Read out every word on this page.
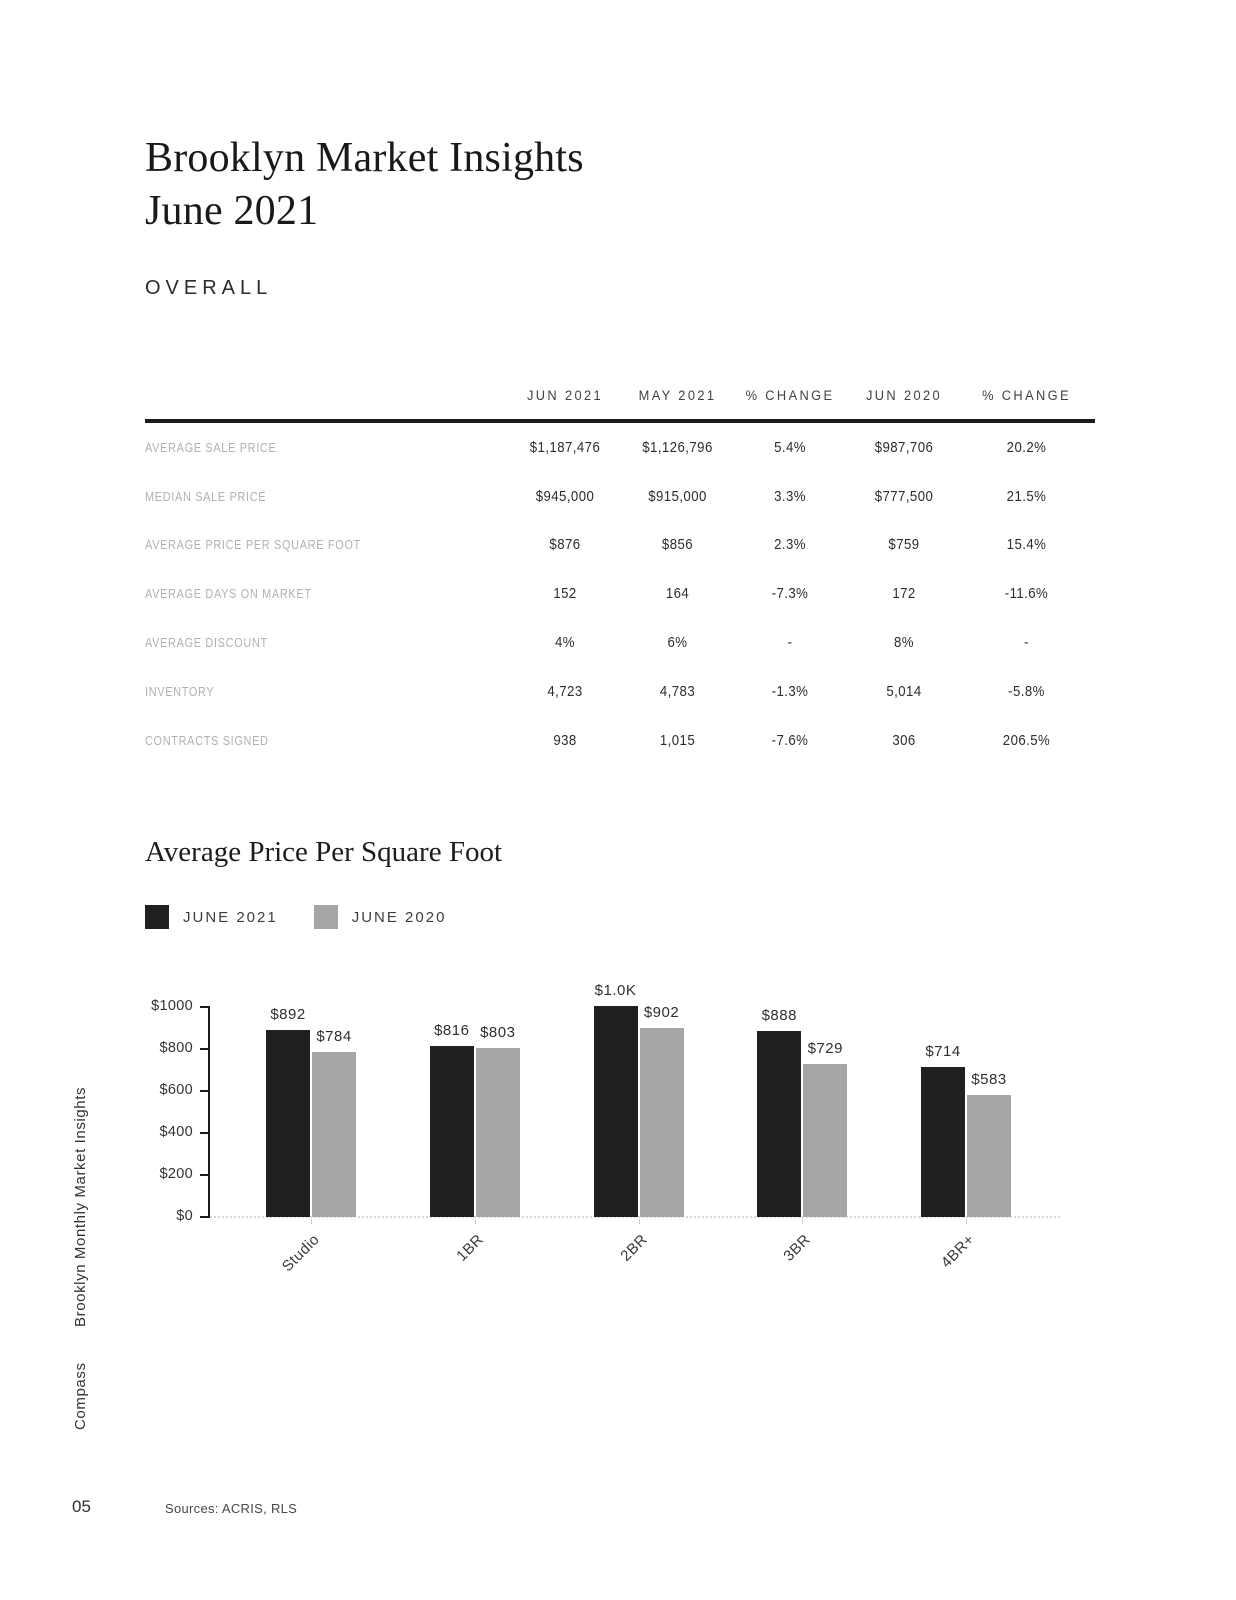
Brooklyn Monthly Market Insights
Compass
Brooklyn Market Insights
June 2021
OVERALL
JUN 2021	MAY 2021	% CHANGE	JUN 2020	% CHANGE
AVERAGE SALE PRICE	$1,187,476	$1,126,796	5.4%	$987,706	20.2%
MEDIAN SALE PRICE	$945,000	$915,000	3.3%	$777,500	21.5%
AVERAGE PRICE PER SQUARE FOOT	$876	$856	2.3%	$759	15.4%
AVERAGE DAYS ON MARKET	152	164	-7.3%	172	-11.6%
AVERAGE DISCOUNT	4%	6%	-	8%	-
INVENTORY	4,723	4,783	-1.3%	5,014	-5.8%
CONTRACTS SIGNED	938	1,015	-7.6%	306	206.5%
Average Price Per Square Foot
JUNE 2021	JUNE 2020
$1000
$800
$600
$400
$200
$0
$892
$784
Studio
$816 $803
1BR
$1.0K
$902
2BR
$888
$729
3BR
$714
$583
4BR+
05	Sources: ACRIS, RLS
